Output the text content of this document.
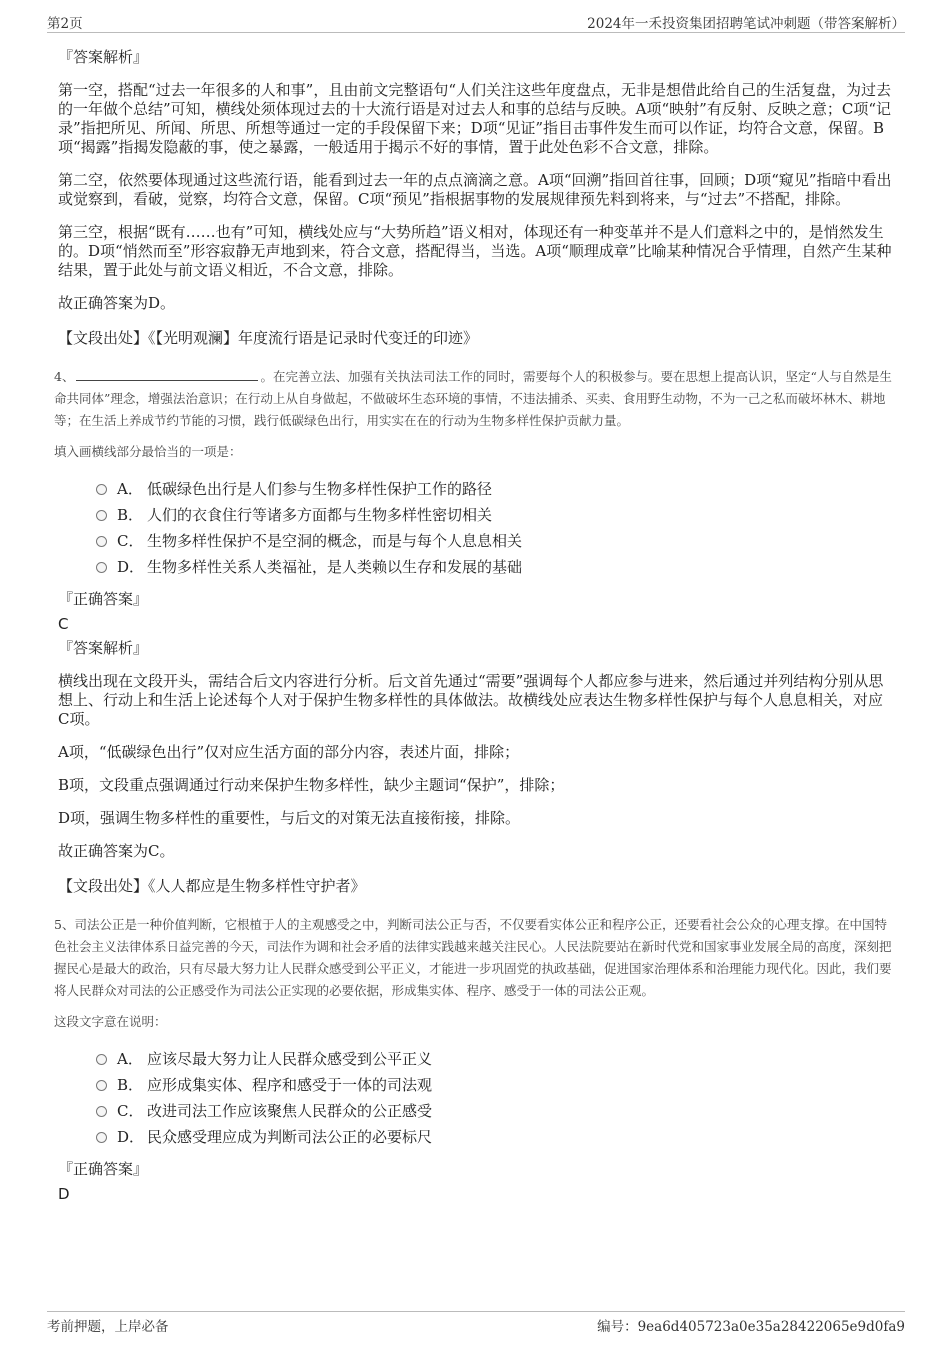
第2页	2024年一禾投资集团招聘笔试冲刺题（带答案解析）
『答案解析』

第一空，搭配“过去一年很多的人和事”，且由前文完整语句“人们关注这些年度盘点，无非是想借此给自己的生活复盘，为过去的一年做个总结”可知，横线处须体现过去的十大流行语是对过去人和事的总结与反映。A项“映射”有反射、反映之意；C项“记录”指把所见、所闻、所思、所想等通过一定的手段保留下来；D项“见证”指目击事件发生而可以作证，均符合文意，保留。B项“揭露”指揭发隐蔽的事，使之暴露，一般适用于揭示不好的事情，置于此处色彩不合文意，排除。

第二空，依然要体现通过这些流行语，能看到过去一年的点点滴滴之意。A项“回溯”指回首往事，回顾；D项“窥见”指暗中看出或觉察到，看破，觉察，均符合文意，保留。C项“预见”指根据事物的发展规律预先料到将来，与“过去”不搭配，排除。

第三空，根据“既有……也有”可知，横线处应与“大势所趋”语义相对，体现还有一种变革并不是人们意料之中的，是悄然发生的。D项“悄然而至”形容寂静无声地到来，符合文意，搭配得当，当选。A项“顺理成章”比喻某种情况合乎情理，自然产生某种结果，置于此处与前文语义相近，不合文意，排除。

故正确答案为D。

【文段出处】《【光明观澜】年度流行语是记录时代变迁的印迹》
4、	。在完善立法、加强有关执法司法工作的同时，需要每个人的积极参与。要在思想上提高认识，坚定“人与自然是生命共同体”理念，增强法治意识；在行动上从自身做起，不做破坏生态环境的事情，不违法捕杀、买卖、食用野生动物，不为一己之私而破坏林木、耕地等；在生活上养成节约节能的习惯，践行低碳绿色出行，用实实在在的行动为生物多样性保护贡献力量。
填入画横线部分最恰当的一项是：
A． 低碳绿色出行是人们参与生物多样性保护工作的路径
B． 人们的衣食住行等诸多方面都与生物多样性密切相关
C． 生物多样性保护不是空洞的概念，而是与每个人息息相关
D． 生物多样性关系人类福祉，是人类赖以生存和发展的基础
『正确答案』
C
『答案解析』

横线出现在文段开头，需结合后文内容进行分析。后文首先通过“需要”强调每个人都应参与进来，然后通过并列结构分别从思想上、行动上和生活上论述每个人对于保护生物多样性的具体做法。故横线处应表达生物多样性保护与每个人息息相关，对应C项。

A项，“低碳绿色出行”仅对应生活方面的部分内容，表述片面，排除；

B项，文段重点强调通过行动来保护生物多样性，缺少主题词“保护”，排除；

D项，强调生物多样性的重要性，与后文的对策无法直接衔接，排除。

故正确答案为C。

【文段出处】《人人都应是生物多样性守护者》
5、司法公正是一种价值判断，它根植于人的主观感受之中，判断司法公正与否，不仅要看实体公正和程序公正，还要看社会公众的心理支撑。在中国特色社会主义法律体系日益完善的今天，司法作为调和社会矛盾的法律实践越来越关注民心。人民法院要站在新时代党和国家事业发展全局的高度，深刻把握民心是最大的政治，只有尽最大努力让人民群众感受到公平正义，才能进一步巩固党的执政基础，促进国家治理体系和治理能力现代化。因此，我们要将人民群众对司法的公正感受作为司法公正实现的必要依据，形成集实体、程序、感受于一体的司法公正观。
这段文字意在说明：
A． 应该尽最大努力让人民群众感受到公平正义
B． 应形成集实体、程序和感受于一体的司法观
C． 改进司法工作应该聚焦人民群众的公正感受
D． 民众感受理应成为判断司法公正的必要标尺
『正确答案』
D
考前押题，上岸必备	编号：9ea6d405723a0e35a28422065e9d0fa9
